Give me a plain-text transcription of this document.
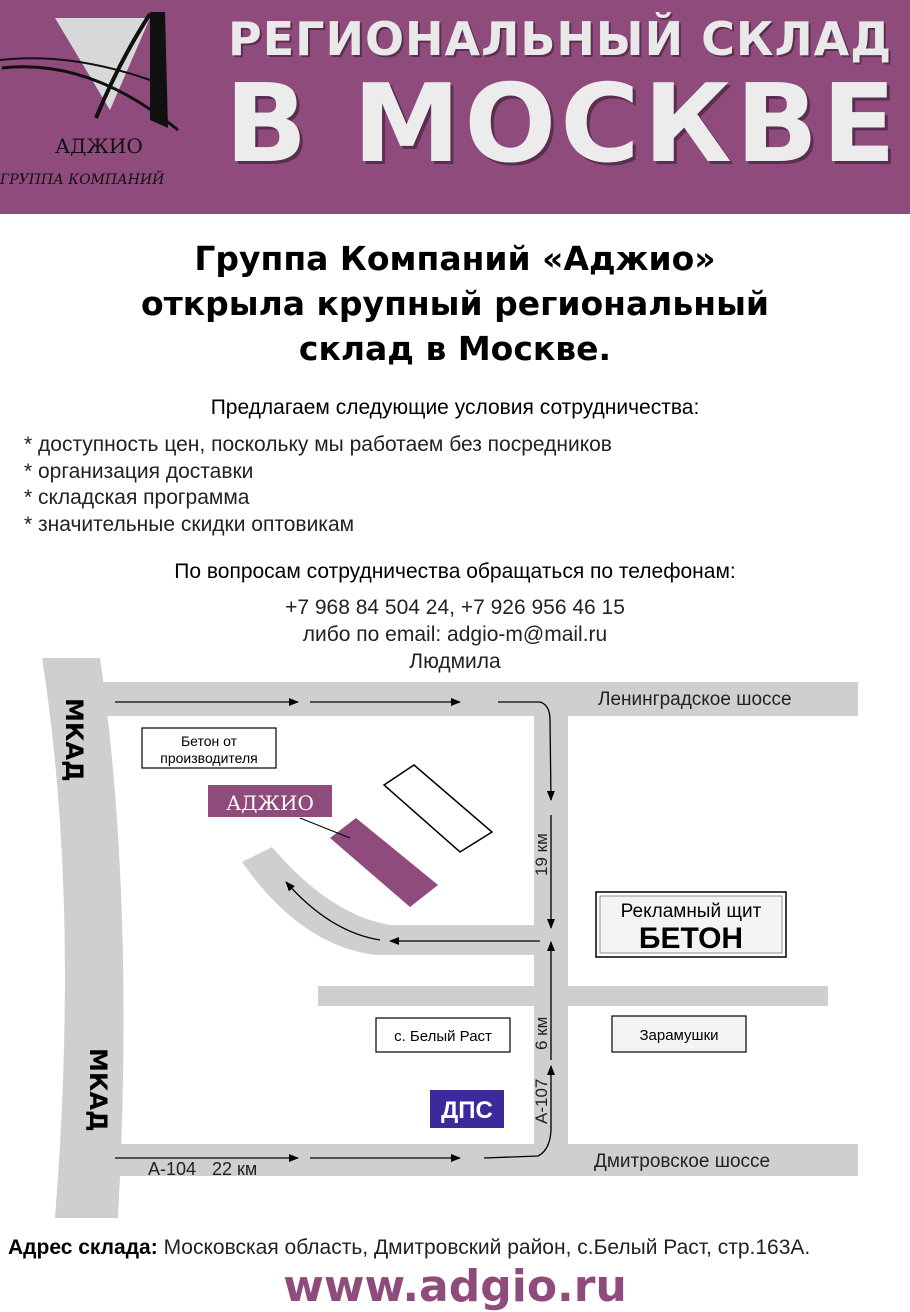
АДЖИО
ГРУППА КОМПАНИЙ
РЕГИОНАЛЬНЫЙ СКЛАД
В МОСКВЕ
Группа Компаний «Аджио»
открыла крупный региональный
склад в Москве.
Предлагаем следующие условия сотрудничества:
* доступность цен, поскольку мы работаем без посредников
* организация доставки
* складская программа
* значительные скидки оптовикам
По вопросам сотрудничества обращаться по телефонам:
+7 968 84 504 24, +7 926 956 46 15
либо по email: adgio-m@mail.ru
Людмила
МКАД
МКАД
Ленинградское шоссе
Дмитровское шоссе
19 км
6 км
А-107
А-104 22 км
Бетон от
производителя
АДЖИО
Рекламный щит
БЕТОН
с. Белый Раст	Зарамушки
ДПС
Адрес склада: Московская область, Дмитровский район, с.Белый Раст, стр.163А.
www.adgio.ru
